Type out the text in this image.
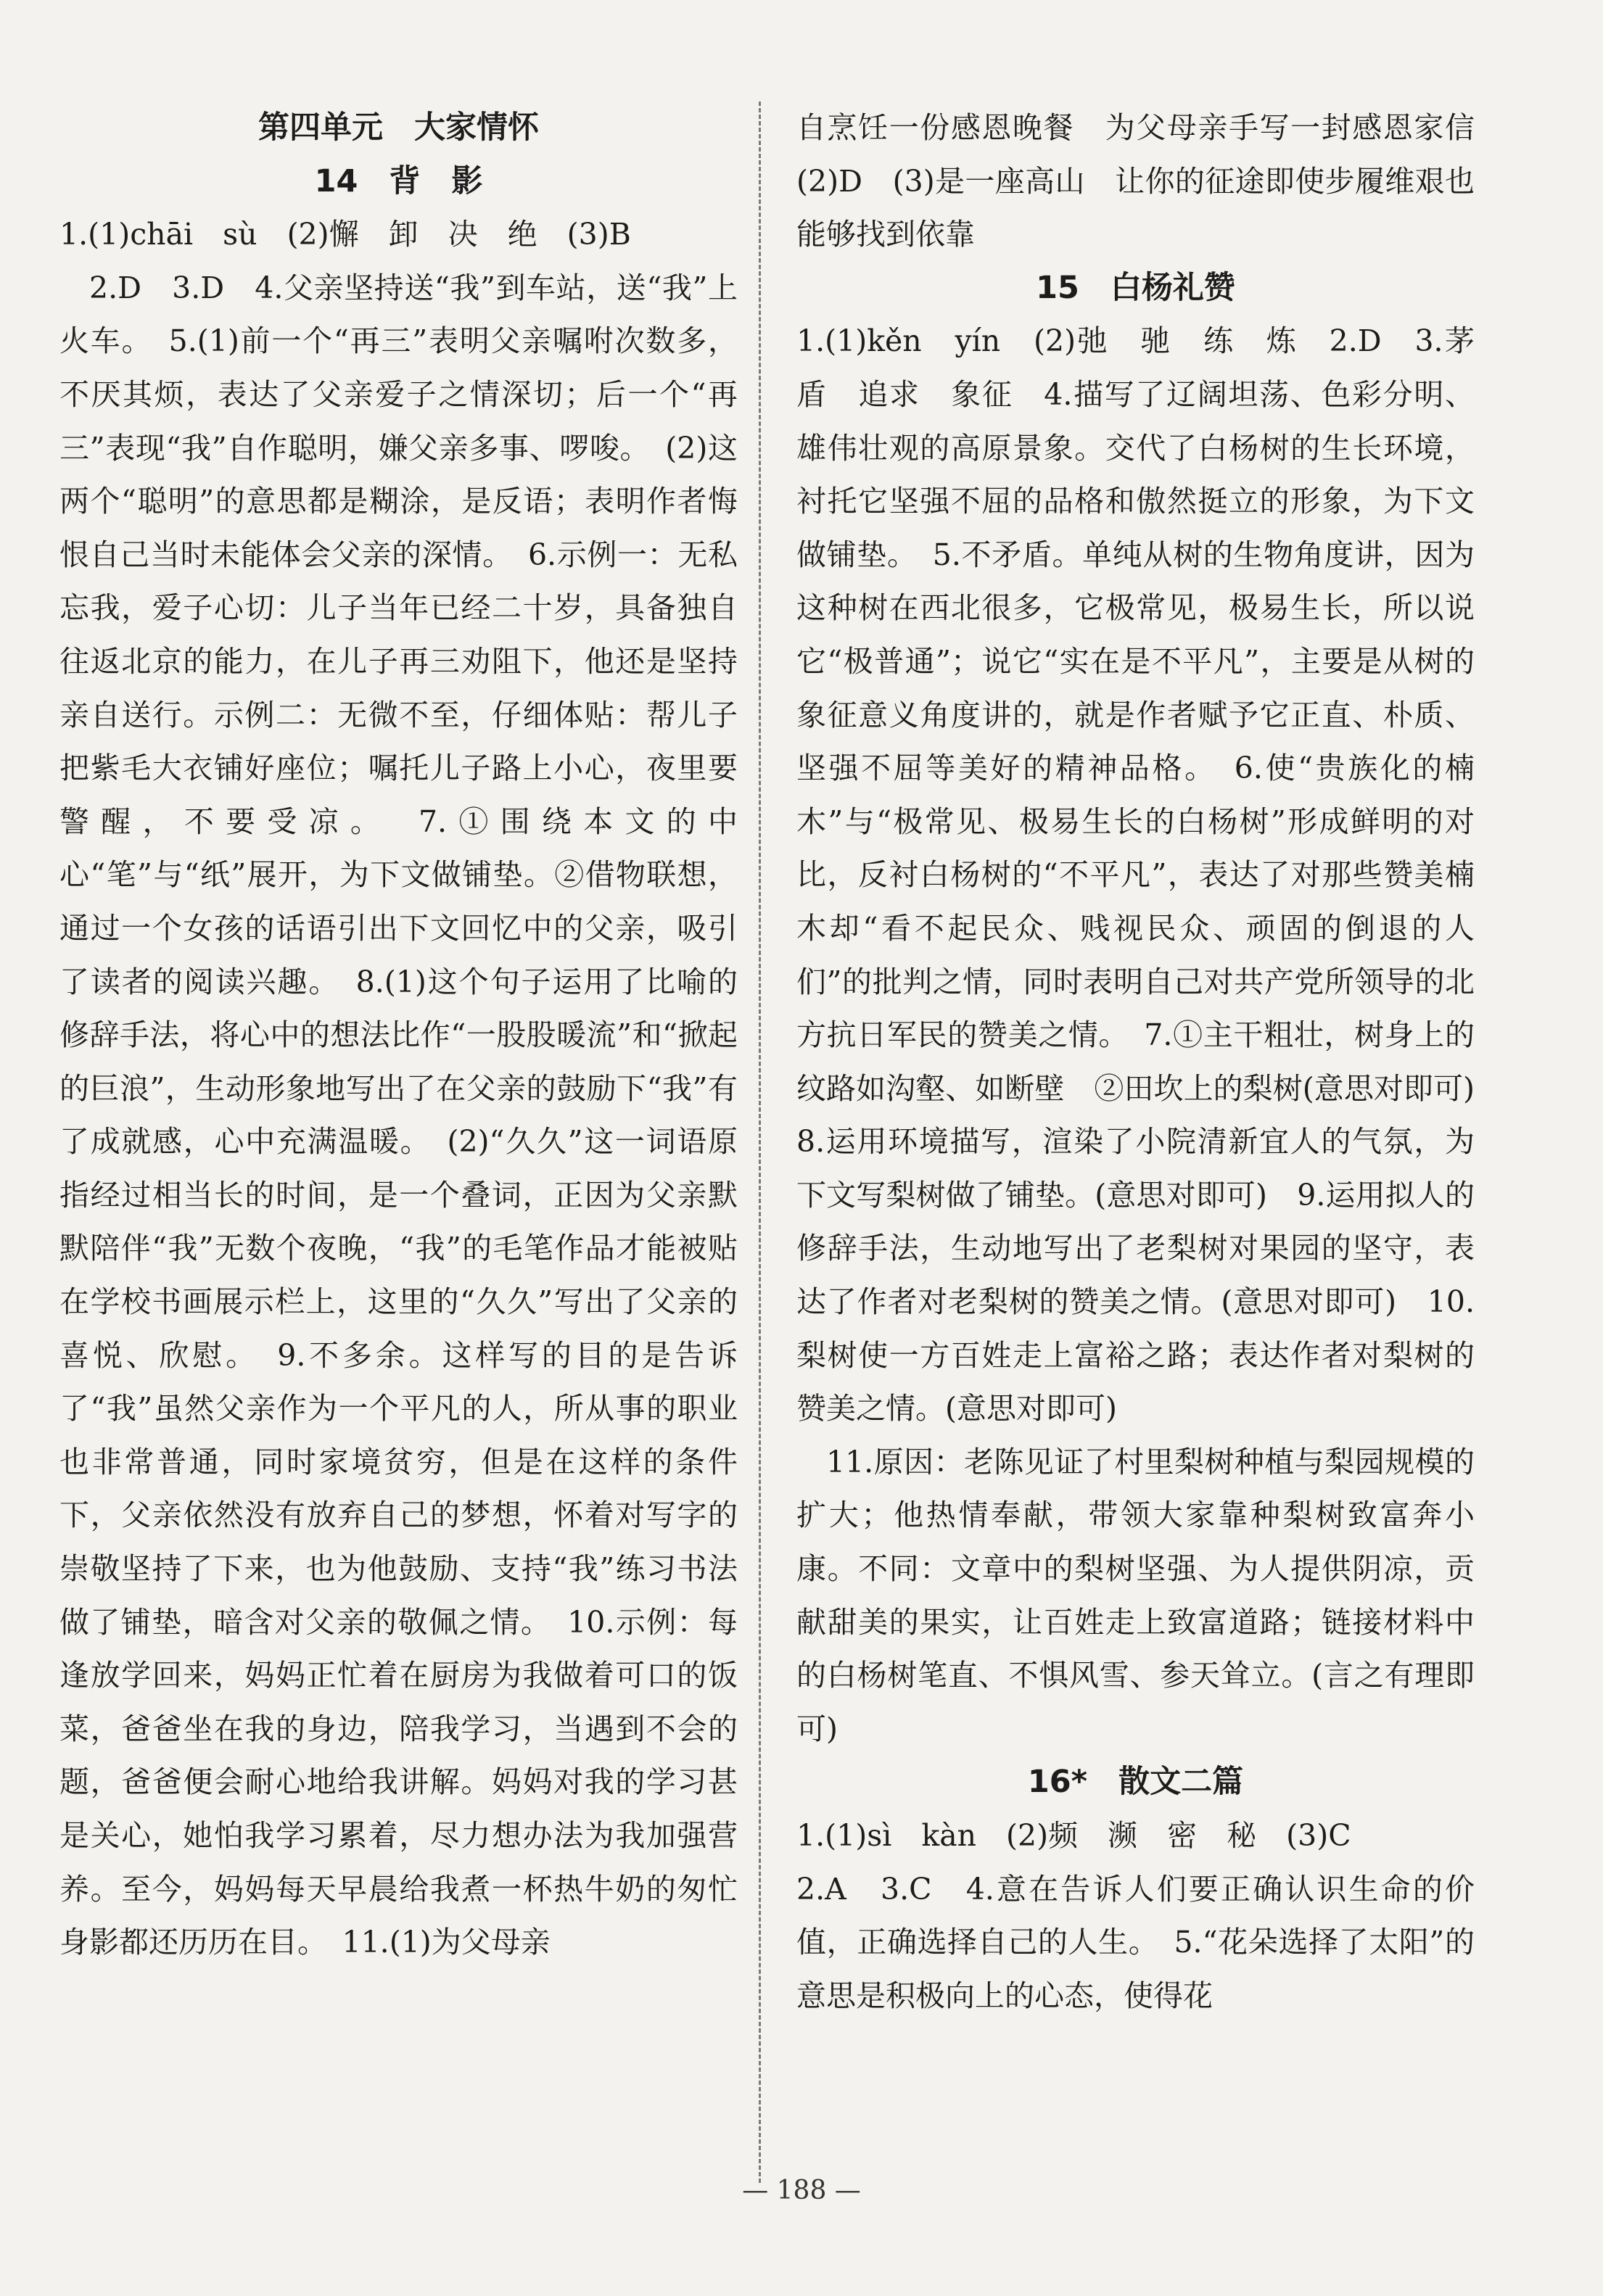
第四单元　大家情怀
14　背　影
1.(1)chāi　sù　(2)懈　卸　决　绝　(3)B
2.D　3.D　4.父亲坚持送“我”到车站，送“我”上火车。　5.(1)前一个“再三”表明父亲嘱咐次数多，不厌其烦，表达了父亲爱子之情深切；后一个“再三”表现“我”自作聪明，嫌父亲多事、啰唆。　(2)这两个“聪明”的意思都是糊涂，是反语；表明作者悔恨自己当时未能体会父亲的深情。　6.示例一：无私忘我，爱子心切：儿子当年已经二十岁，具备独自往返北京的能力，在儿子再三劝阻下，他还是坚持亲自送行。示例二：无微不至，仔细体贴：帮儿子把紫毛大衣铺好座位；嘱托儿子路上小心，夜里要警醒，不要受凉。　7.①围绕本文的中心“笔”与“纸”展开，为下文做铺垫。②借物联想，通过一个女孩的话语引出下文回忆中的父亲，吸引了读者的阅读兴趣。　8.(1)这个句子运用了比喻的修辞手法，将心中的想法比作“一股股暖流”和“掀起的巨浪”，生动形象地写出了在父亲的鼓励下“我”有了成就感，心中充满温暖。　(2)“久久”这一词语原指经过相当长的时间，是一个叠词，正因为父亲默默陪伴“我”无数个夜晚，“我”的毛笔作品才能被贴在学校书画展示栏上，这里的“久久”写出了父亲的喜悦、欣慰。　9.不多余。这样写的目的是告诉了“我”虽然父亲作为一个平凡的人，所从事的职业也非常普通，同时家境贫穷，但是在这样的条件下，父亲依然没有放弃自己的梦想，怀着对写字的崇敬坚持了下来，也为他鼓励、支持“我”练习书法做了铺垫，暗含对父亲的敬佩之情。　10.示例：每逢放学回来，妈妈正忙着在厨房为我做着可口的饭菜，爸爸坐在我的身边，陪我学习，当遇到不会的题，爸爸便会耐心地给我讲解。妈妈对我的学习甚是关心，她怕我学习累着，尽力想办法为我加强营养。至今，妈妈每天早晨给我煮一杯热牛奶的匆忙身影都还历历在目。　11.(1)为父母亲
自烹饪一份感恩晚餐　为父母亲手写一封感恩家信　(2)D　(3)是一座高山　让你的征途即使步履维艰也能够找到依靠
15　白杨礼赞
1.(1)kěn　yín　(2)弛　驰　练　炼　2.D　3.茅盾　追求　象征　4.描写了辽阔坦荡、色彩分明、雄伟壮观的高原景象。交代了白杨树的生长环境，衬托它坚强不屈的品格和傲然挺立的形象，为下文做铺垫。　5.不矛盾。单纯从树的生物角度讲，因为这种树在西北很多，它极常见，极易生长，所以说它“极普通”；说它“实在是不平凡”，主要是从树的象征意义角度讲的，就是作者赋予它正直、朴质、坚强不屈等美好的精神品格。　6.使“贵族化的楠木”与“极常见、极易生长的白杨树”形成鲜明的对比，反衬白杨树的“不平凡”，表达了对那些赞美楠木却“看不起民众、贱视民众、顽固的倒退的人们”的批判之情，同时表明自己对共产党所领导的北方抗日军民的赞美之情。　7.①主干粗壮，树身上的纹路如沟壑、如断壁　②田坎上的梨树(意思对即可)　8.运用环境描写，渲染了小院清新宜人的气氛，为下文写梨树做了铺垫。(意思对即可)　9.运用拟人的修辞手法，生动地写出了老梨树对果园的坚守，表达了作者对老梨树的赞美之情。(意思对即可)　10.梨树使一方百姓走上富裕之路；表达作者对梨树的赞美之情。(意思对即可)
11.原因：老陈见证了村里梨树种植与梨园规模的扩大；他热情奉献，带领大家靠种梨树致富奔小康。不同：文章中的梨树坚强、为人提供阴凉，贡献甜美的果实，让百姓走上致富道路；链接材料中的白杨树笔直、不惧风雪、参天耸立。(言之有理即可)
16*　散文二篇
1.(1)sì　kàn　(2)频　濒　密　秘　(3)C
2.A　3.C　4.意在告诉人们要正确认识生命的价值，正确选择自己的人生。　5.“花朵选择了太阳”的意思是积极向上的心态，使得花
— 188 —
